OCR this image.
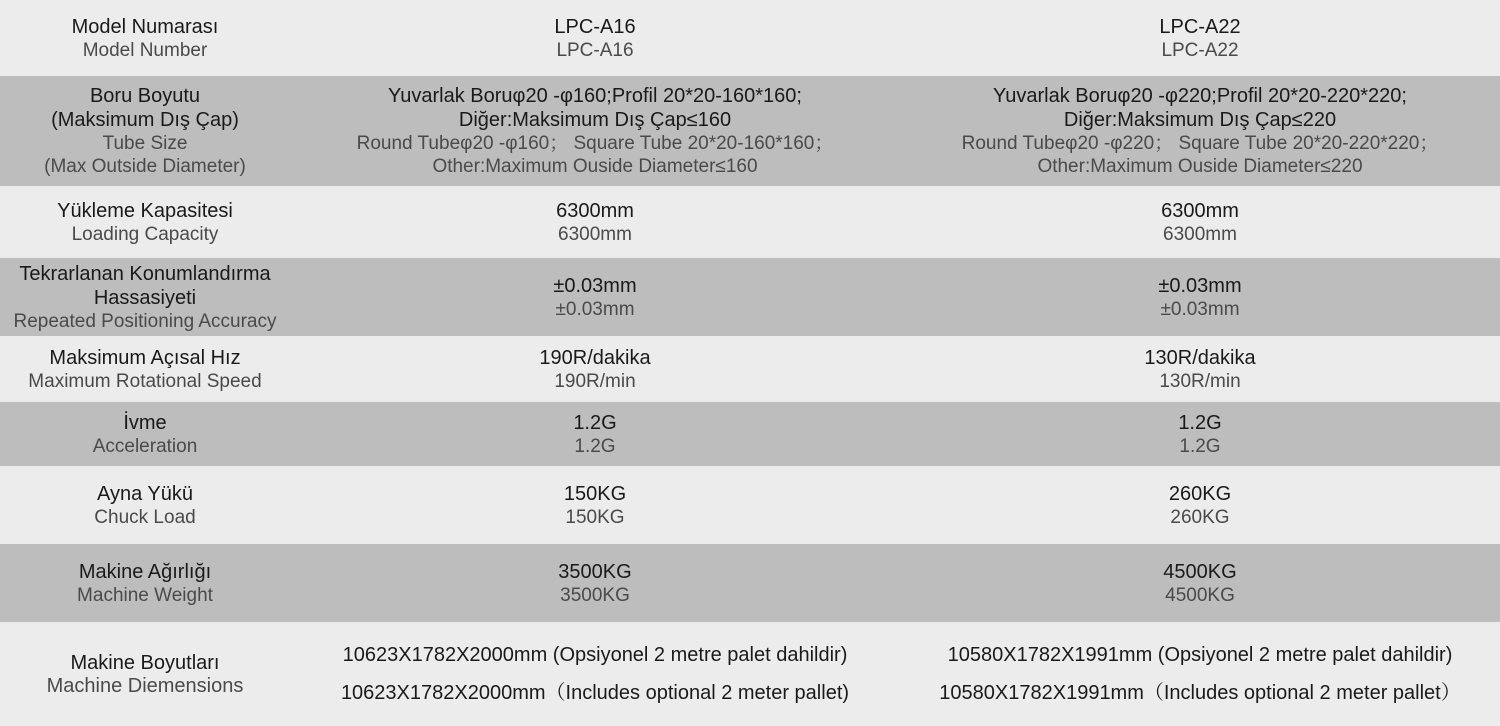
Model Numarası
Model Number
LPC-A16
LPC-A16
LPC-A22
LPC-A22
Boru Boyutu
(Maksimum Dış Çap)
Tube Size
(Max Outside Diameter)
Yuvarlak Boruφ20 -φ160;Profil 20*20-160*160;
Diğer:Maksimum Dış Çap≤160
Round Tubeφ20 -φ160； Square Tube 20*20-160*160；
Other:Maximum Ouside Diameter≤160
Yuvarlak Boruφ20 -φ220;Profil 20*20-220*220;
Diğer:Maksimum Dış Çap≤220
Round Tubeφ20 -φ220； Square Tube 20*20-220*220；
Other:Maximum Ouside Diameter≤220
Yükleme Kapasitesi
Loading Capacity
6300mm
6300mm
6300mm
6300mm
Tekrarlanan Konumlandırma
Hassasiyeti
Repeated Positioning Accuracy
±0.03mm
±0.03mm
±0.03mm
±0.03mm
Maksimum Açısal Hız
Maximum Rotational Speed
190R/dakika
190R/min
130R/dakika
130R/min
İvme
Acceleration
1.2G
1.2G
1.2G
1.2G
Ayna Yükü
Chuck Load
150KG
150KG
260KG
260KG
Makine Ağırlığı
Machine Weight
3500KG
3500KG
4500KG
4500KG
Makine Boyutları
Machine Diemensions
10623X1782X2000mm (Opsiyonel 2 metre palet dahildir)
10623X1782X2000mm（Includes optional 2 meter pallet)
10580X1782X1991mm (Opsiyonel 2 metre palet dahildir)
10580X1782X1991mm（Includes optional 2 meter pallet）
